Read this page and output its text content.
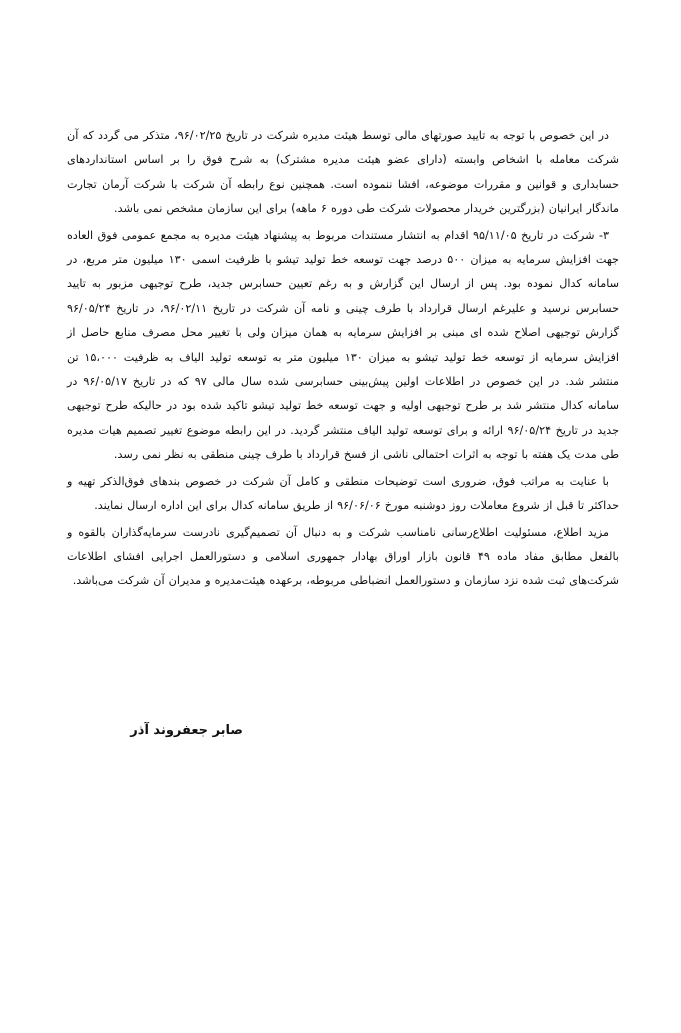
در این خصوص با توجه به تایید صورتهای مالی توسط هیئت مدیره شرکت در تاریخ ۹۶/۰۲/۲۵، متذکر می گردد که آن شرکت معامله با اشخاص وابسته (دارای عضو هیئت مدیره مشترک) به شرح فوق را بر اساس استانداردهای حسابداری و قوانین و مقررات موضوعه، افشا ننموده است. همچنین نوع رابطه آن شرکت با شرکت آرمان تجارت ماندگار ایرانیان (بزرگترین خریدار محصولات شرکت طی دوره ۶ ماهه) برای این سازمان مشخص نمی باشد.

۳- شرکت در تاریخ ۹۵/۱۱/۰۵ اقدام به انتشار مستندات مربوط به پیشنهاد هیئت مدیره به مجمع عمومی فوق العاده جهت افزایش سرمایه به میزان ۵۰۰ درصد جهت توسعه خط تولید تیشو با ظرفیت اسمی ۱۳۰ میلیون متر مربع، در سامانه کدال نموده بود. پس از ارسال این گزارش و به رغم تعیین حسابرس جدید، طرح توجیهی مزبور به تایید حسابرس نرسید و علیرغم ارسال قرارداد با طرف چینی و نامه آن شرکت در تاریخ ۹۶/۰۲/۱۱، در تاریخ ۹۶/۰۵/۲۴ گزارش توجیهی اصلاح شده ای مبنی بر افزایش سرمایه به همان میزان ولی با تغییر محل مصرف منابع حاصل از افزایش سرمایه از توسعه خط تولید تیشو به میزان ۱۳۰ میلیون متر به توسعه تولید الیاف به ظرفیت ۱۵،۰۰۰ تن منتشر شد. در این خصوص در اطلاعات اولین پیش‌بینی حسابرسی شده سال مالی ۹۷ که در تاریخ ۹۶/۰۵/۱۷ در سامانه کدال منتشر شد بر طرح توجیهی اولیه و جهت توسعه خط تولید تیشو تاکید شده بود در حالیکه طرح توجیهی جدید در تاریخ ۹۶/۰۵/۲۴ ارائه و برای توسعه تولید الیاف منتشر گردید. در این رابطه موضوع تغییر تصمیم هیات مدیره طی مدت یک هفته با توجه به اثرات احتمالی ناشی از فسخ قرارداد با طرف چینی منطقی به نظر نمی رسد.

با عنایت به مراتب فوق، ضروری است توضیحات منطقی و کامل آن شرکت در خصوص بندهای فوق‌الذکر تهیه و حداکثر تا قبل از شروع معاملات روز دوشنبه مورخ ۹۶/۰۶/۰۶ از طریق سامانه کدال برای این اداره ارسال نمایند.

مزید اطلاع، مسئولیت اطلاع‌رسانی نامناسب شرکت و به دنبال آن تصمیم‌گیری نادرست سرمایه‌گذاران بالقوه و بالفعل مطابق مفاد ماده ۴۹ قانون بازار اوراق بهادار جمهوری اسلامی و دستورالعمل اجرایی افشای اطلاعات شرکت‌های ثبت شده نزد سازمان و دستورالعمل انضباطی مربوطه، برعهده هیئت‌مدیره و مدیران آن شرکت می‌باشد.

صابر جعفروند آذر
